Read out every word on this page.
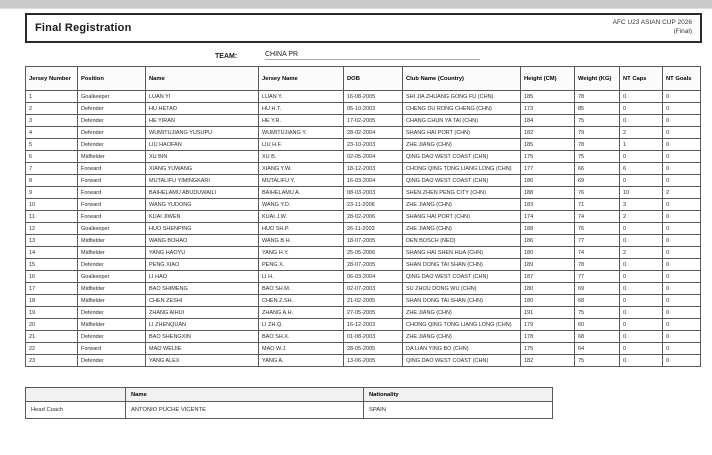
Final Registration	AFC U23 ASIAN CUP 2026
(Final)
TEAM:	CHINA PR
Jersey Number	Position	Name	Jersey Name	DOB	Club Name (Country)	Height (CM)	Weight (KG)	NT Caps	NT Goals
1	Goalkeeper	LUAN YI	LUAN Y.	16-08-2005	SHI JIA ZHUANG GONG FU (CHN)	185	78	0	0
2	Defender	HU HETAO	HU H.T.	05-10-2003	CHENG DU RONG CHENG (CHN)	173	85	0	0
3	Defender	HE YIRAN	HE Y.R.	17-02-2005	CHANG CHUN YA TAI (CHN)	184	75	0	0
4	Defender	WUMITUJIANG YUSUPU	WUMITUJIANG Y.	28-02-2004	SHANG HAI PORT (CHN)	182	79	2	0
5	Defender	LIU HAOFAN	LIU H.F.	23-10-2003	ZHE JIANG (CHN)	185	78	1	0
6	Midfielder	XU BIN	XU B.	02-05-2004	QING DAO WEST COAST (CHN)	175	75	0	0
7	Forward	XIANG YUWANG	XIANG Y.W.	18-12-2003	CHONG QING TONG LIANG LONG (CHN)	177	66	6	0
8	Forward	MUTALIFU YIMINGKARI	MUTALIFU Y.	16-03-2004	QING DAO WEST COAST (CHN)	186	69	0	0
9	Forward	BAIHELAMU ABUDUWAILI	BAIHELAMU A.	08-03-2003	SHEN ZHEN PENG CITY (CHN)	188	76	10	2
10	Forward	WANG YUDONG	WANG Y.D.	23-11-2006	ZHE JIANG (CHN)	183	71	3	0
11	Forward	KUAI JIWEN	KUAI J.W.	28-02-2006	SHANG HAI PORT (CHN)	174	74	2	0
12	Goalkeeper	HUO SHENPING	HUO SH.P.	26-11-2003	ZHE JIANG (CHN)	188	76	0	0
13	Midfielder	WANG BOHAO	WANG B.H.	18-07-2005	DEN BOSCH (NED)	186	77	0	0
14	Midfielder	YANG HAOYU	YANG H.Y.	25-05-2006	SHANG HAI SHEN HUA (CHN)	180	74	2	0
15	Defender	PENG XIAO	PENG X.	28-07-2005	SHAN DONG TAI SHAN (CHN)	189	78	0	0
16	Goalkeeper	LI HAO	LI H.	06-03-2004	QING DAO WEST COAST (CHN)	187	77	0	0
17	Midfielder	BAO SHIMENG	BAO SH.M.	02-07-2003	SU ZHOU DONG WU (CHN)	180	69	0	0
18	Midfielder	CHEN ZESHI	CHEN Z.SH.	21-02-2005	SHAN DONG TAI SHAN (CHN)	180	68	0	0
19	Defender	ZHANG AIHUI	ZHANG A.H.	27-05-2005	ZHE JIANG (CHN)	191	75	0	0
20	Midfielder	LI ZHENQUAN	LI ZH.Q.	16-12-2003	CHONG QING TONG LIANG LONG (CHN)	179	60	0	0
21	Defender	BAO SHENGXIN	BAO SH.X.	01-08-2003	ZHE JIANG (CHN)	178	68	0	0
22	Forward	MAO WEIJIE	MAO W.J.	28-05-2005	DA LIAN YING BO (CHN)	175	64	0	0
23	Defender	YANG ALEX	YANG A.	13-06-2005	QING DAO WEST COAST (CHN)	182	75	0	0
	Name	Nationality
Head Coach	ANTONIO PUCHE VICENTE	SPAIN
